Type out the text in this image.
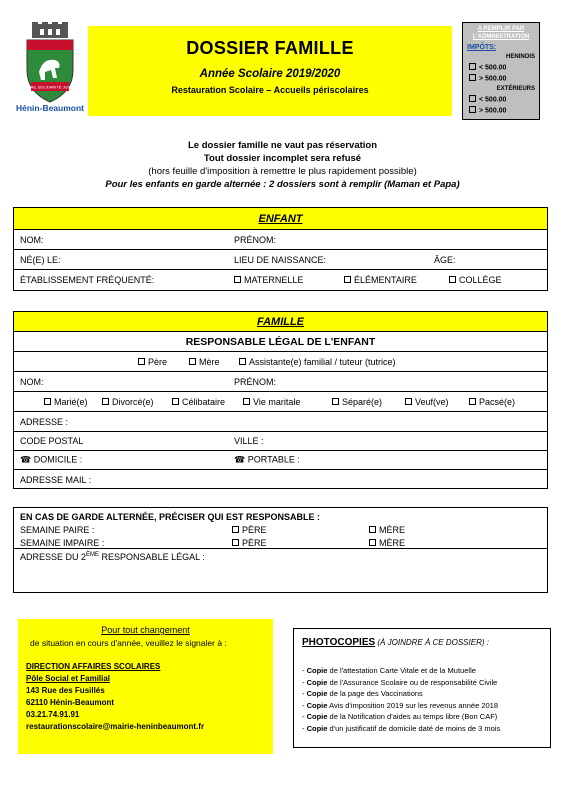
TRAVAIL SOLIDARITÉ JUSTICE
Hénin-Beaumont
DOSSIER FAMILLE
Année Scolaire 2019/2020
Restauration Scolaire – Accueils périscolaires
A REMPLIR PAR
L'ADMINISTRATION
IMPÔTS:
HENINOIS
< 500.00
> 500.00
EXTÉRIEURS
< 500.00
> 500.00
Le dossier famille ne vaut pas réservation
Tout dossier incomplet sera refusé
(hors feuille d'imposition à remettre le plus rapidement possible)
Pour les enfants en garde alternée : 2 dossiers sont à remplir (Maman et Papa)
ENFANT
NOM:	PRÉNOM:
NÉ(E) LE:	LIEU DE NAISSANCE:	ÂGE:
ÉTABLISSEMENT FRÉQUENTÉ:	MATERNELLE	ÉLÉMENTAIRE	COLLÈGE
FAMILLE
RESPONSABLE LÉGAL DE L'ENFANT
Père	Mère	Assistante(e) familial / tuteur (tutrice)
NOM:	PRÉNOM:
Marié(e)	Divorcé(e)	Célibataire	Vie maritale	Séparé(e)	Veuf(ve)	Pacsé(e)
ADRESSE :
CODE POSTAL	VILLE :
☎ DOMICILE :	☎ PORTABLE :
ADRESSE MAIL :
EN CAS DE GARDE ALTERNÉE, PRÉCISER QUI EST RESPONSABLE :
SEMAINE PAIRE :	PÈRE	MÈRE
SEMAINE IMPAIRE :	PÈRE	MÈRE
ADRESSE DU 2ÈME RESPONSABLE LÉGAL :
Pour tout changement
de situation en cours d'année, veuillez le signaler à :
DIRECTION AFFAIRES SCOLAIRES
Pôle Social et Familial
143 Rue des Fusillés
62110 Hénin-Beaumont
03.21.74.91.91
restaurationscolaire@mairie-heninbeaumont.fr
PHOTOCOPIES (À JOINDRE À CE DOSSIER) :
- Copie de l'attestation Carte Vitale et de la Mutuelle
- Copie de l'Assurance Scolaire ou de responsabilité Civile
- Copie de la page des Vaccinations
- Copie Avis d'imposition 2019 sur les revenus année 2018
- Copie de la Notification d'aides au temps libre (Bon CAF)
- Copie d'un justificatif de domicile daté de moins de 3 mois
